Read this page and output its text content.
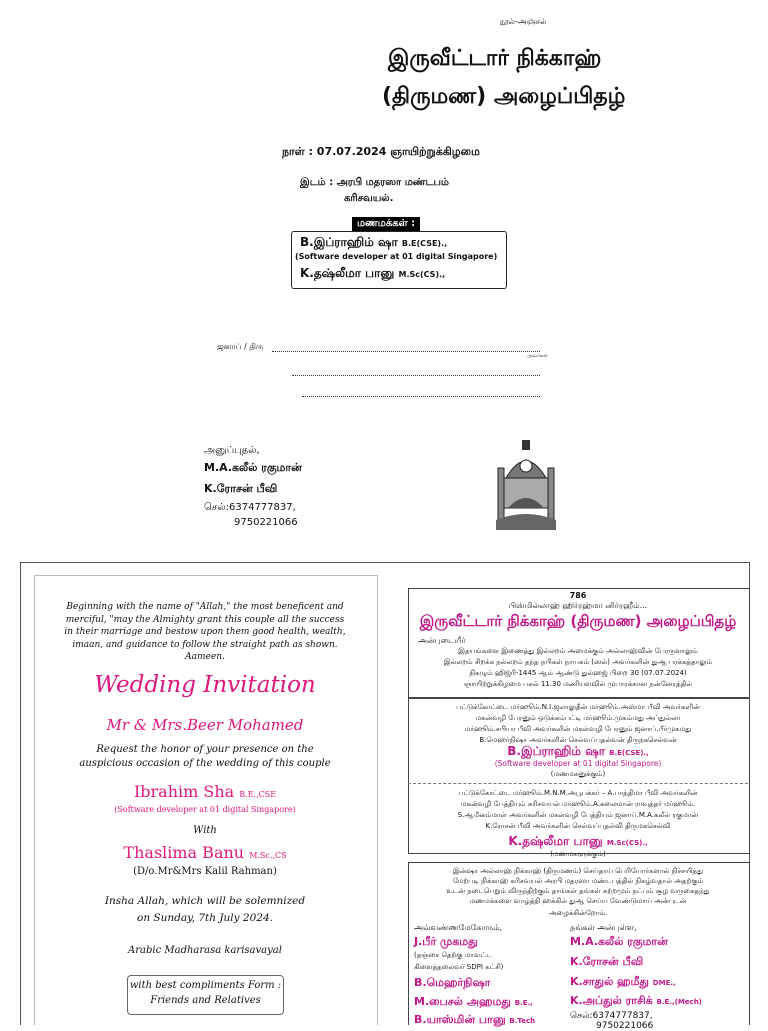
நூல்-அஞ்சல்
இருவீட்டார் நிக்காஹ்
(திருமண) அழைப்பிதழ்
நாள் : 07.07.2024 ஞாயிற்றுக்கிழமை
இடம் : அரபி மதரஸா மண்டபம்
கரிசவயல்.
மணமக்கள் :
B.இப்ராஹிம் ஷா B.E(CSE).,
(Software developer at 01 digital Singapore)
K.தஷ்லீமா பானு M.Sc(CS).,
ஜனாப் / திரு
அவர்கள்
அனுப்புதல்,
M.A.கலீல் ரகுமான்
K.ரோசன் பீவி
செல்:6374777837,
9750221066
Beginning with the name of "Allah," the most beneficent and merciful, "may the Almighty grant this couple all the success in their marriage and bestow upon them good health, wealth, imaan, and guidance to follow the straight path as shown. Aameen.
Wedding Invitation
Mr & Mrs.Beer Mohamed
Request the honor of your presence on the auspicious occasion of the wedding of this couple
Ibrahim Sha B.E.,CSE
(Software developer at 01 digital Singapore)
With
Thaslima Banu M.Sc.,CS
(D/o.Mr&Mrs Kalil Rahman)
Insha Allah, which will be solemnized
on Sunday, 7th July 2024.
Arabic Madharasa karisavayal
with best compliments Form :
Friends and Relatives
786
பிஸ்மில்லாஹ் ஹிர்ரஹ்மா னிர்ரஹீம்...
இருவீட்டார் நிக்காஹ் (திருமண) அழைப்பிதழ்
அன்புடையீர்
இதயங்களை இணைத்து இல்லறம் அமைக்கும் அல்லாஹ்வின் பேரருளாலும்
இல்லறம் சிறக்க நல்லறம் தந்த நபிகள் நாயகம் (ஸல்) அவர்களின் துஆ பரக்கத்தாலும்
நிகழும் ஹிஜ்ரி-1445 ஆம் ஆண்டு துல்ஹஜ் பிறை 30 (07.07.2024)
ஞாயிற்றுக்கிழமை பகல் 11.30 மணியளவில் முபாரக்கான நன்னேரத்தில்
பட்டுக்கோட்டை மர்ஹூம்.N.I.ஜலாலுதீன் மர்ஹூம்.அஸ்மா பீவி அவர்களின்
மகன்வழி பேரனும் ஒடுக்கம்பட்டி மர்ஹூம்.முகம்மது அப்துல்லா
மர்ஹூம்.சபியா பீவி அவர்களின் மகள்வழி பேரனும் ஜனாப்.பீர்முகமது
B.மெஹர்நிஷா அவர்களின் செல்வப்புதல்வன் திருநகசெல்வன்
B.இப்ராஹிம் ஷா B.E(CSE).,
(Software developer at 01 digital Singapore)
(மணமகனுக்கும்)
பட்டுக்கோட்டை மர்ஹூம்.M.N.M.அபூபக்கர் – A.பாத்திமா பீவி அவர்களின்
மகன்வழி பேத்தியும் கரிசவயல் மர்ஹூம்.A.கலைமான் ராவுத்தர் மர்ஹூம்.
S.ஆமீனம்மாள் அவர்களின் மகள்வழி பேத்தியும் ஜனாப்.M.A.கலீல் ரகுமான்
K.ரோசன் பீவி அவர்களின் செல்வப்புதல்வி திருமகசெல்வி
K.தஷ்லீமா பானு M.Sc(CS).,
(மணமகளுக்கும்)
இன்ஷா அல்லாஹ் நிக்காஹ் (திருமணம்) செய்தாய் பெரியோர்களால் நிச்சயித்து
மேற்படி நிக்காஹ் கரிசவயல் அரபி மதரஸா மண்டபத்தில் நிகழ்வதால் அதற்கும்
உடன் நடைபெறும் விருந்திற்கும் தாங்கள் தங்கள் சுற்றமும் நட்பும் சூழ வருகைதந்து
மணமக்களை வாழ்த்தி ஹக்கில் துஆ செய்ய வேண்டுமாய் அன்புடன்
அழைக்கின்றோம்.
அவ்வண்ணமேகோரும்,	தங்கள் அன்புள்ள,
J.பீர் முகமது
(தஞ்சை தெற்கு மாவட்ட
கிளைத்தலைவர் SDPI கட்சி)
B.மெஹர்நிஷா
M.பைசல் அஹமது B.E.,
B.யாஸ்மின் பானு B.Tech
M.A.கலீல் ரகுமான்
K.ரோசன் பீவி
K.சாதுல் ஹமீது DME.,
K.அப்துல் ராசிக் B.E.,(Mech)
செல்:6374777837,
9750221066
